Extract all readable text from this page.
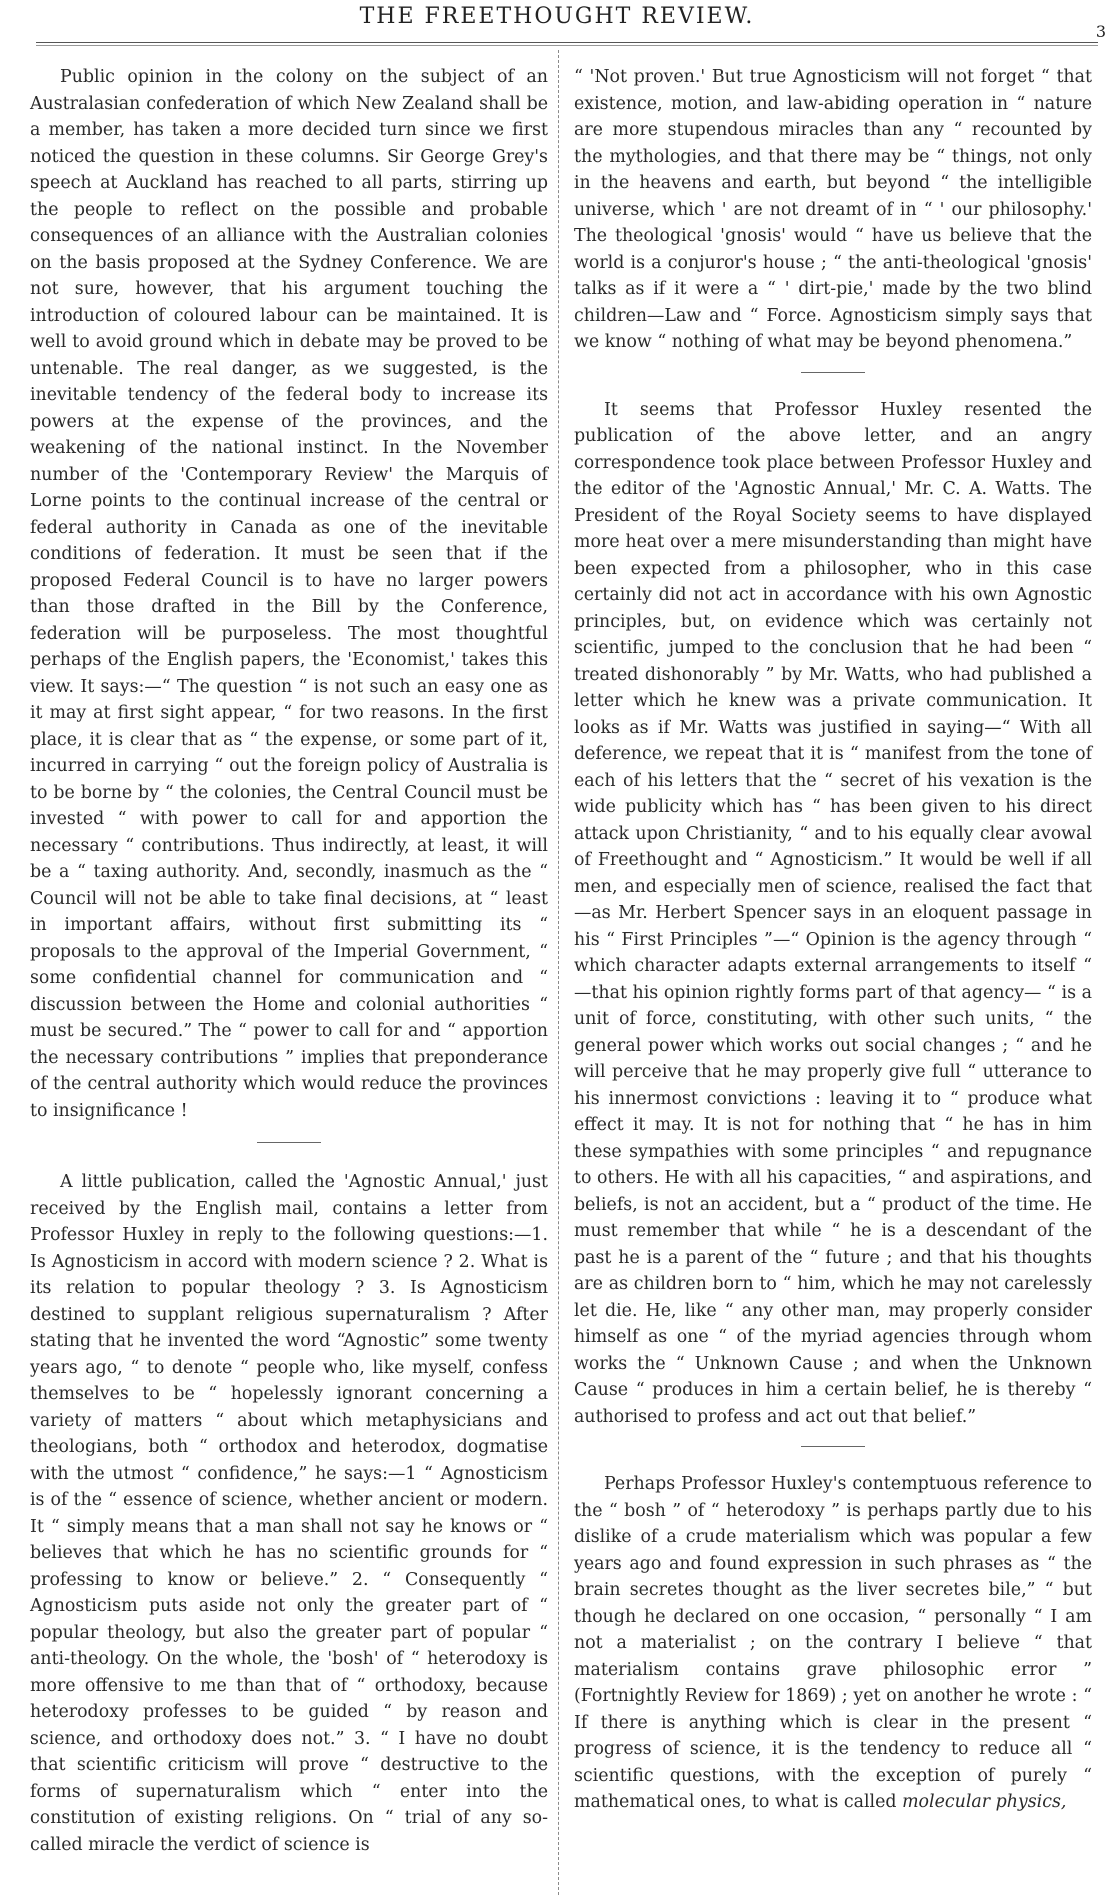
THE FREETHOUGHT REVIEW.
3

Public opinion in the colony on the subject of an Australasian confederation of which New Zealand shall be a member, has taken a more decided turn since we first noticed the question in these columns. Sir George Grey's speech at Auckland has reached to all parts, stirring up the people to reflect on the possible and probable consequences of an alliance with the Australian colonies on the basis proposed at the Sydney Conference. We are not sure, however, that his argument touching the introduction of coloured labour can be maintained. It is well to avoid ground which in debate may be proved to be untenable. The real danger, as we suggested, is the inevitable tendency of the federal body to increase its powers at the expense of the provinces, and the weakening of the national instinct. In the November number of the 'Contemporary Review' the Marquis of Lorne points to the continual increase of the central or federal authority in Canada as one of the inevitable conditions of federation. It must be seen that if the proposed Federal Council is to have no larger powers than those drafted in the Bill by the Conference, federation will be purposeless. The most thoughtful perhaps of the English papers, the 'Economist,' takes this view. It says:—“ The question “ is not such an easy one as it may at first sight appear, “ for two reasons. In the first place, it is clear that as “ the expense, or some part of it, incurred in carrying “ out the foreign policy of Australia is to be borne by “ the colonies, the Central Council must be invested “ with power to call for and apportion the necessary “ contributions. Thus indirectly, at least, it will be a “ taxing authority. And, secondly, inasmuch as the “ Council will not be able to take final decisions, at “ least in important affairs, without first submitting its “ proposals to the approval of the Imperial Government, “ some confidential channel for communication and “ discussion between the Home and colonial authorities “ must be secured.” The “ power to call for and “ apportion the necessary contributions ” implies that preponderance of the central authority which would reduce the provinces to insignificance !

A little publication, called the 'Agnostic Annual,' just received by the English mail, contains a letter from Professor Huxley in reply to the following questions:—1. Is Agnosticism in accord with modern science ? 2. What is its relation to popular theology ? 3. Is Agnosticism destined to supplant religious supernaturalism ? After stating that he invented the word “Agnostic” some twenty years ago, “ to denote “ people who, like myself, confess themselves to be “ hopelessly ignorant concerning a variety of matters “ about which metaphysicians and theologians, both “ orthodox and heterodox, dogmatise with the utmost “ confidence,” he says:—1 “ Agnosticism is of the “ essence of science, whether ancient or modern. It “ simply means that a man shall not say he knows or “ believes that which he has no scientific grounds for “ professing to know or believe.” 2. “ Consequently “ Agnosticism puts aside not only the greater part of “ popular theology, but also the greater part of popular “ anti-theology. On the whole, the 'bosh' of “ heterodoxy is more offensive to me than that of “ orthodoxy, because heterodoxy professes to be guided “ by reason and science, and orthodoxy does not.” 3. “ I have no doubt that scientific criticism will prove “ destructive to the forms of supernaturalism which “ enter into the constitution of existing religions. On “ trial of any so-called miracle the verdict of science is

“ 'Not proven.' But true Agnosticism will not forget “ that existence, motion, and law-abiding operation in “ nature are more stupendous miracles than any “ recounted by the mythologies, and that there may be “ things, not only in the heavens and earth, but beyond “ the intelligible universe, which ' are not dreamt of in “ ' our philosophy.' The theological 'gnosis' would “ have us believe that the world is a conjuror's house ; “ the anti-theological 'gnosis' talks as if it were a “ ' dirt-pie,' made by the two blind children—Law and “ Force. Agnosticism simply says that we know “ nothing of what may be beyond phenomena.”

It seems that Professor Huxley resented the publication of the above letter, and an angry correspondence took place between Professor Huxley and the editor of the 'Agnostic Annual,' Mr. C. A. Watts. The President of the Royal Society seems to have displayed more heat over a mere misunderstanding than might have been expected from a philosopher, who in this case certainly did not act in accordance with his own Agnostic principles, but, on evidence which was certainly not scientific, jumped to the conclusion that he had been “ treated dishonorably ” by Mr. Watts, who had published a letter which he knew was a private communication. It looks as if Mr. Watts was justified in saying—“ With all deference, we repeat that it is “ manifest from the tone of each of his letters that the “ secret of his vexation is the wide publicity which has “ has been given to his direct attack upon Christianity, “ and to his equally clear avowal of Freethought and “ Agnosticism.” It would be well if all men, and especially men of science, realised the fact that—as Mr. Herbert Spencer says in an eloquent passage in his “ First Principles ”—“ Opinion is the agency through “ which character adapts external arrangements to itself “ —that his opinion rightly forms part of that agency— “ is a unit of force, constituting, with other such units, “ the general power which works out social changes ; “ and he will perceive that he may properly give full “ utterance to his innermost convictions : leaving it to “ produce what effect it may. It is not for nothing that “ he has in him these sympathies with some principles “ and repugnance to others. He with all his capacities, “ and aspirations, and beliefs, is not an accident, but a “ product of the time. He must remember that while “ he is a descendant of the past he is a parent of the “ future ; and that his thoughts are as children born to “ him, which he may not carelessly let die. He, like “ any other man, may properly consider himself as one “ of the myriad agencies through whom works the “ Unknown Cause ; and when the Unknown Cause “ produces in him a certain belief, he is thereby “ authorised to profess and act out that belief.”

Perhaps Professor Huxley's contemptuous reference to the “ bosh ” of “ heterodoxy ” is perhaps partly due to his dislike of a crude materialism which was popular a few years ago and found expression in such phrases as “ the brain secretes thought as the liver secretes bile,” “ but though he declared on one occasion, “ personally “ I am not a materialist ; on the contrary I believe “ that materialism contains grave philosophic error ” (Fortnightly Review for 1869) ; yet on another he wrote : “ If there is anything which is clear in the present “ progress of science, it is the tendency to reduce all “ scientific questions, with the exception of purely “ mathematical ones, to what is called molecular physics,
